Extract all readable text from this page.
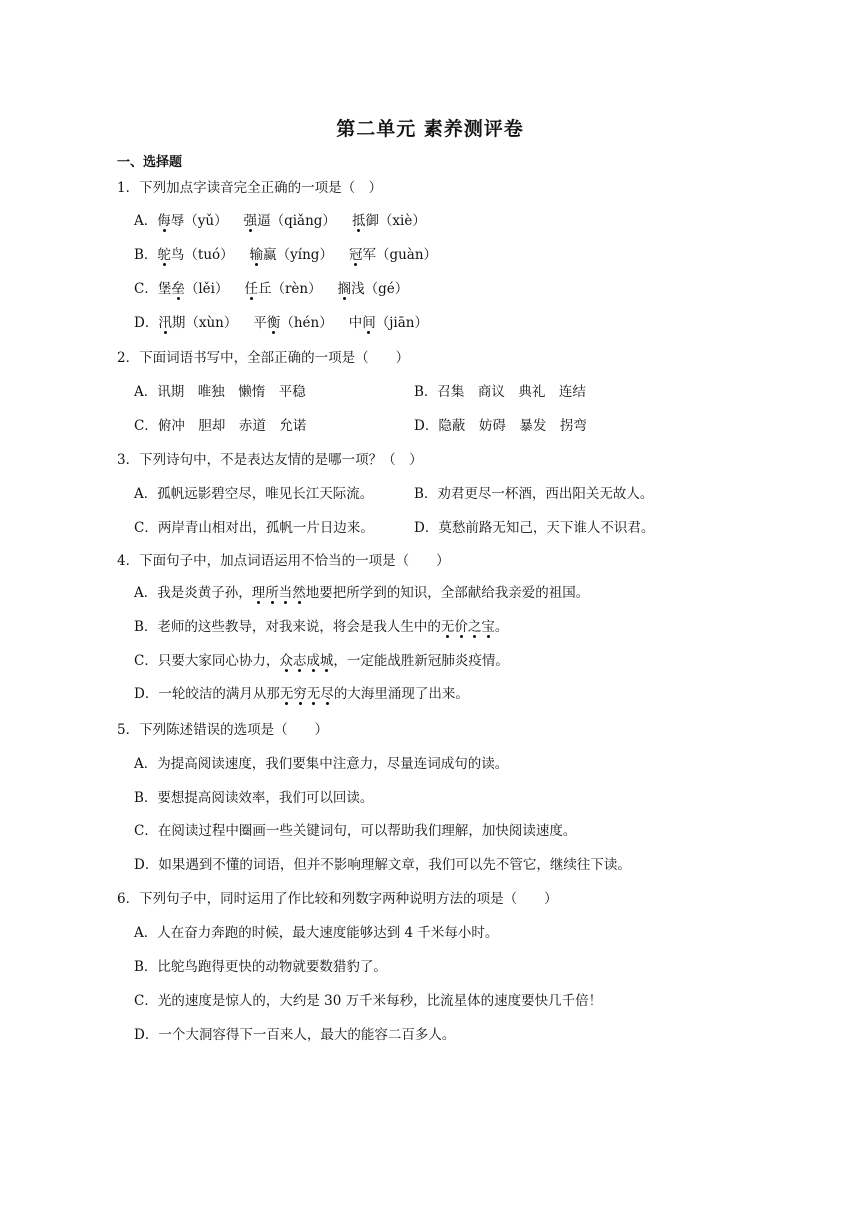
第二单元 素养测评卷
一、选择题
1．下列加点字读音完全正确的一项是（　）
A．侮辱（yǔ） 强逼（qiǎng） 抵御（xiè）
B．鸵鸟（tuó） 输赢（yíng） 冠军（guàn）
C．堡垒（lěi） 任丘（rèn） 搁浅（gé）
D．汛期（xùn） 平衡（hén） 中间（jiān）
2．下面词语书写中，全部正确的一项是（　　）
A．讯期　唯独　懒惰　平稳	B．召集　商议　典礼　连结
C．俯冲　胆却　赤道　允诺	D．隐蔽　妨碍　暴发　拐弯
3．下列诗句中，不是表达友情的是哪一项？（　）
A．孤帆远影碧空尽，唯见长江天际流。	B．劝君更尽一杯酒，西出阳关无故人。
C．两岸青山相对出，孤帆一片日边来。	D．莫愁前路无知己，天下谁人不识君。
4．下面句子中，加点词语运用不恰当的一项是（　　）
A．我是炎黄子孙，理所当然地要把所学到的知识，全部献给我亲爱的祖国。
B．老师的这些教导，对我来说，将会是我人生中的无价之宝。
C．只要大家同心协力，众志成城，一定能战胜新冠肺炎疫情。
D．一轮皎洁的满月从那无穷无尽的大海里涌现了出来。
5．下列陈述错误的选项是（　　）
A．为提高阅读速度，我们要集中注意力，尽量连词成句的读。
B．要想提高阅读效率，我们可以回读。
C．在阅读过程中圈画一些关键词句，可以帮助我们理解，加快阅读速度。
D．如果遇到不懂的词语，但并不影响理解文章，我们可以先不管它，继续往下读。
6．下列句子中，同时运用了作比较和列数字两种说明方法的项是（　　）
A．人在奋力奔跑的时候，最大速度能够达到 4 千米每小时。
B．比鸵鸟跑得更快的动物就要数猎豹了。
C．光的速度是惊人的，大约是 30 万千米每秒，比流星体的速度要快几千倍！
D．一个大洞容得下一百来人，最大的能容二百多人。
